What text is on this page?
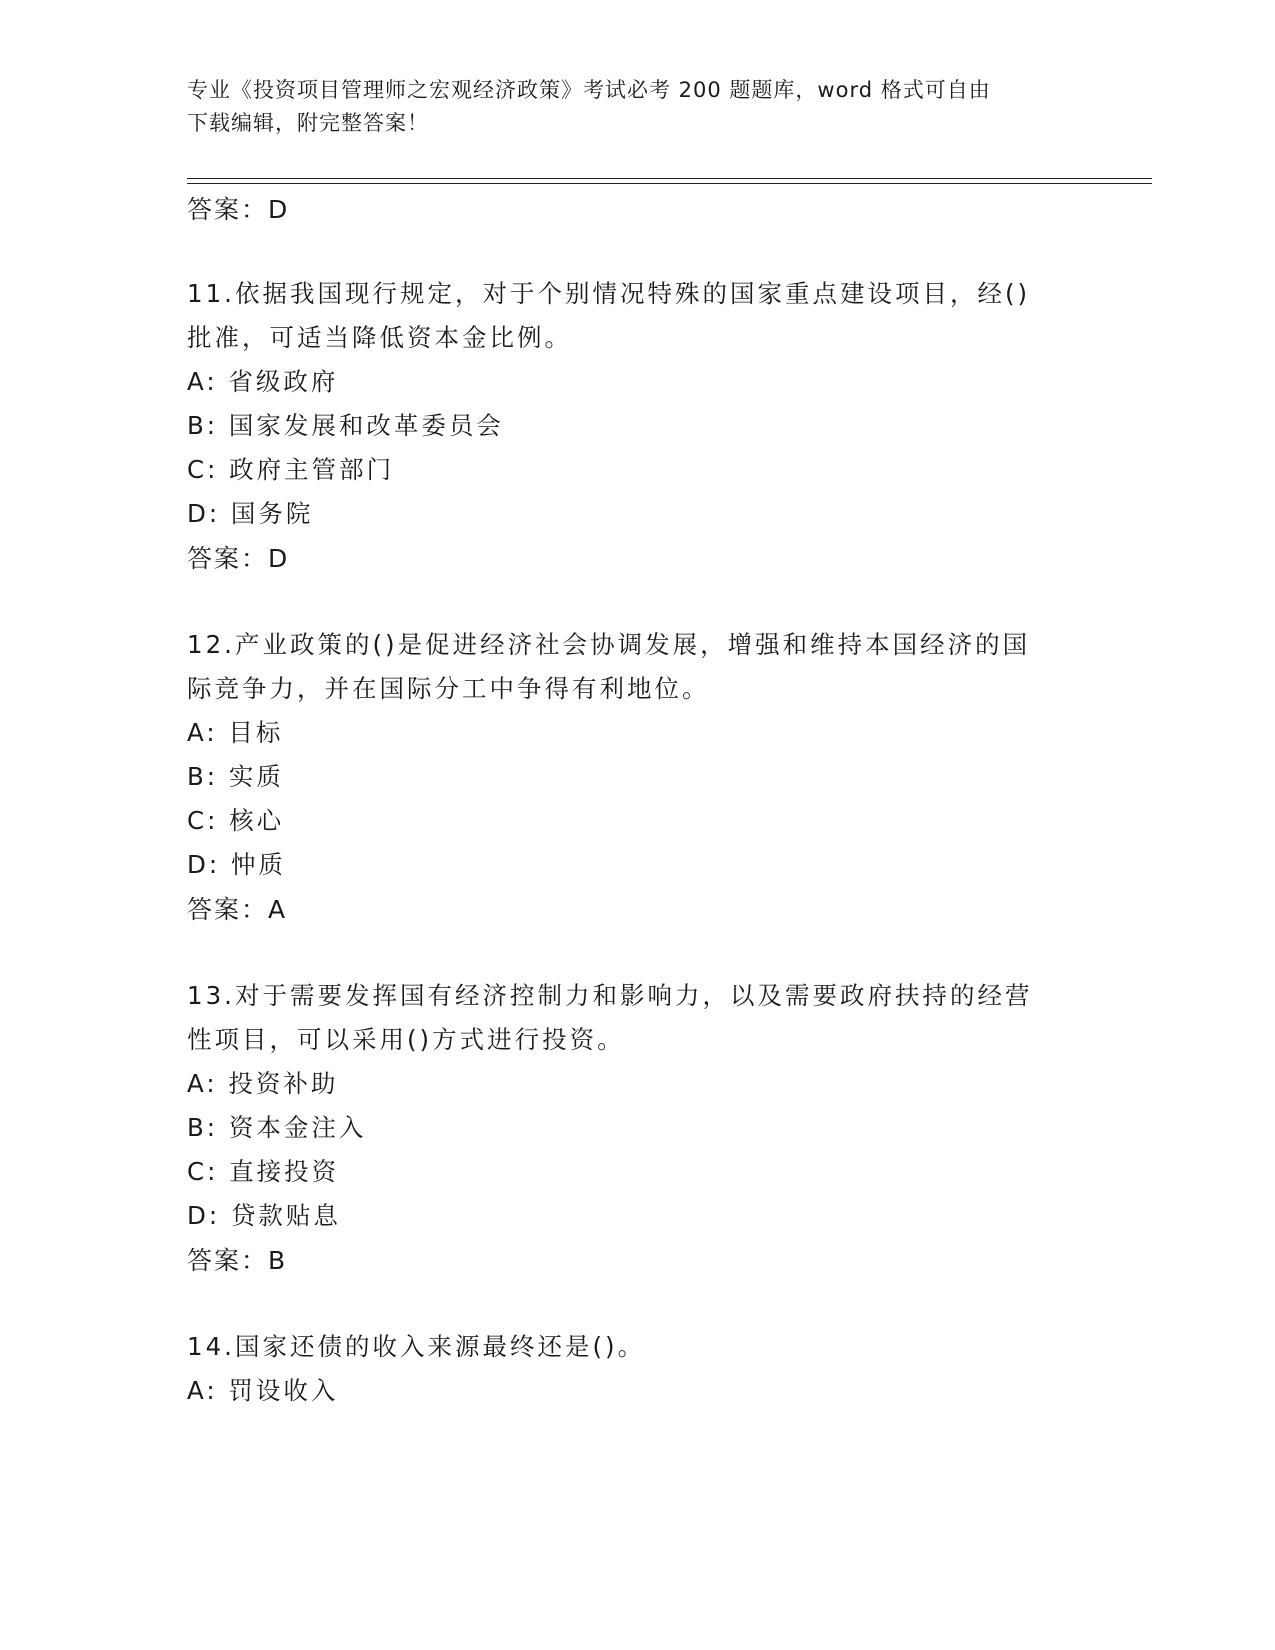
专业《投资项目管理师之宏观经济政策》考试必考 200 题题库，word 格式可自由
下载编辑，附完整答案！
答案：D
11.依据我国现行规定，对于个别情况特殊的国家重点建设项目，经()
批准，可适当降低资本金比例。
A: 省级政府
B: 国家发展和改革委员会
C: 政府主管部门
D: 国务院
答案：D
12.产业政策的()是促进经济社会协调发展，增强和维持本国经济的国
际竞争力，并在国际分工中争得有利地位。
A: 目标
B: 实质
C: 核心
D: 忡质
答案：A
13.对于需要发挥国有经济控制力和影响力，以及需要政府扶持的经营
性项目，可以采用()方式进行投资。
A: 投资补助
B: 资本金注入
C: 直接投资
D: 贷款贴息
答案：B
14.国家还债的收入来源最终还是()。
A: 罚设收入
